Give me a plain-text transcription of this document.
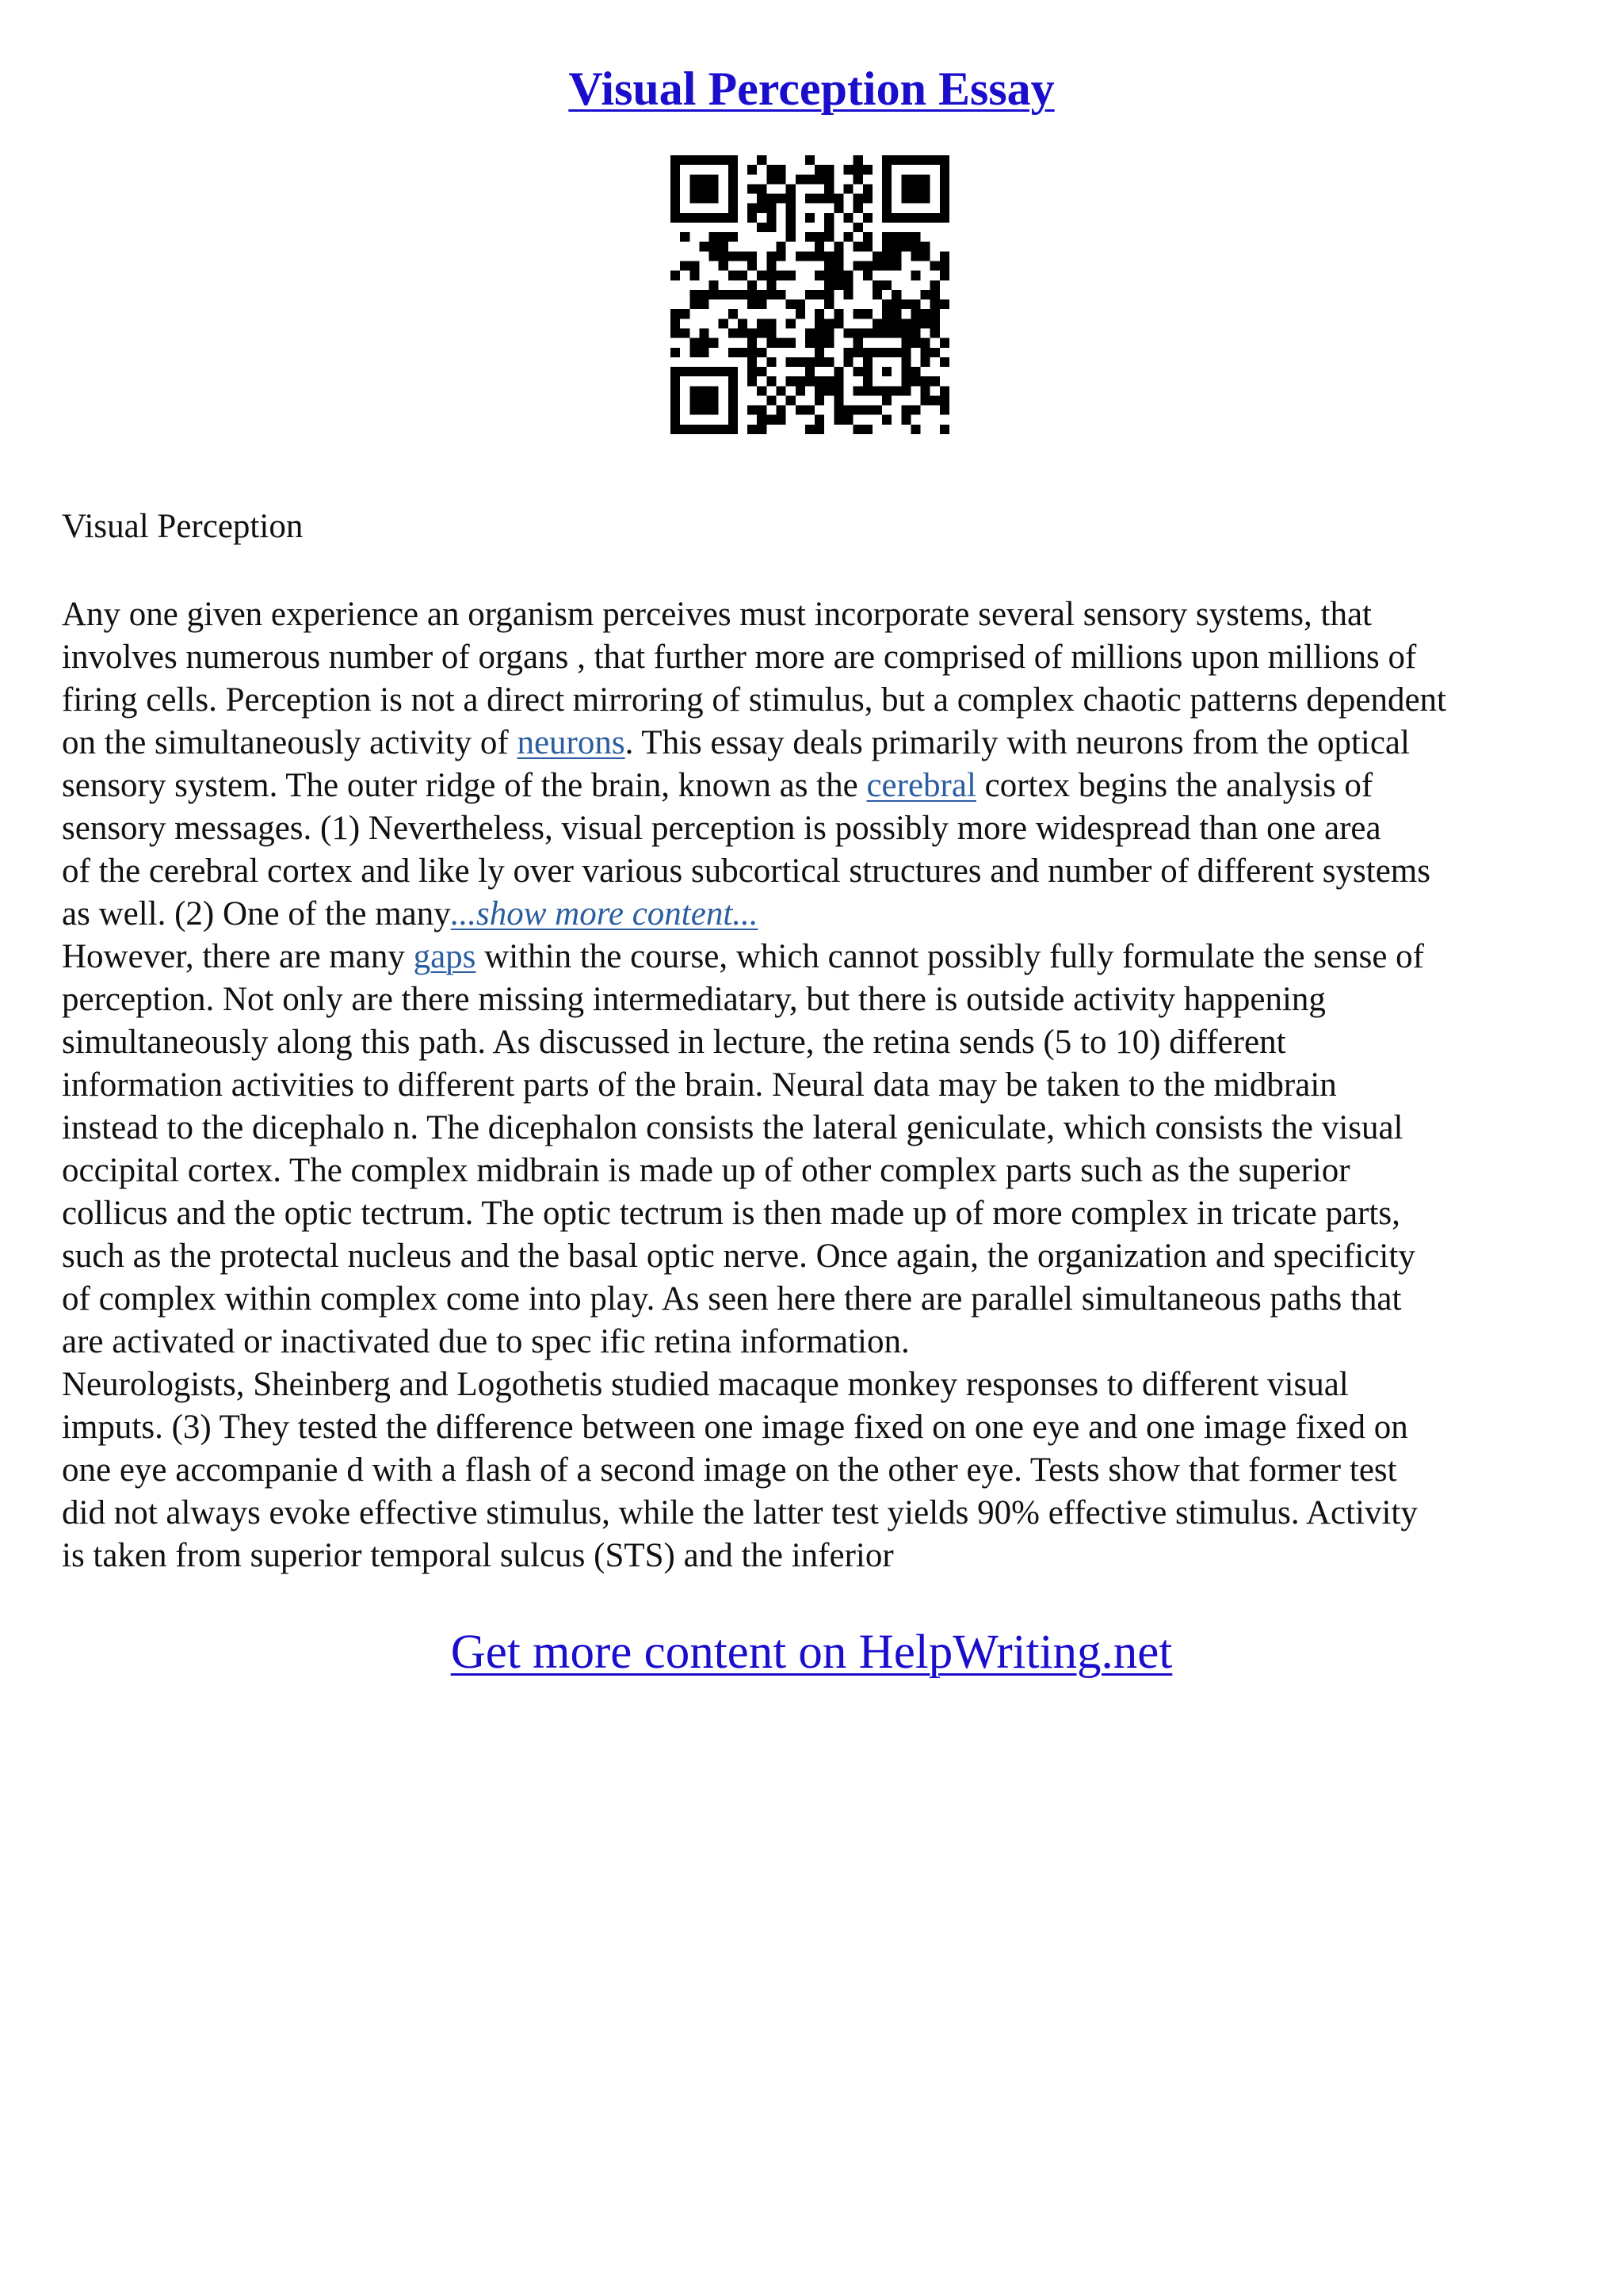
Visual Perception Essay
Visual Perception
Any one given experience an organism perceives must incorporate several sensory systems, that
involves numerous number of organs , that further more are comprised of millions upon millions of
firing cells. Perception is not a direct mirroring of stimulus, but a complex chaotic patterns dependent
on the simultaneously activity of neurons. This essay deals primarily with neurons from the optical
sensory system. The outer ridge of the brain, known as the cerebral cortex begins the analysis of
sensory messages. (1) Nevertheless, visual perception is possibly more widespread than one area
of the cerebral cortex and like ly over various subcortical structures and number of different systems
as well. (2) One of the many...show more content...
However, there are many gaps within the course, which cannot possibly fully formulate the sense of
perception. Not only are there missing intermediatary, but there is outside activity happening
simultaneously along this path. As discussed in lecture, the retina sends (5 to 10) different
information activities to different parts of the brain. Neural data may be taken to the midbrain
instead to the dicephalo n. The dicephalon consists the lateral geniculate, which consists the visual
occipital cortex. The complex midbrain is made up of other complex parts such as the superior
collicus and the optic tectrum. The optic tectrum is then made up of more complex in tricate parts,
such as the protectal nucleus and the basal optic nerve. Once again, the organization and specificity
of complex within complex come into play. As seen here there are parallel simultaneous paths that
are activated or inactivated due to spec ific retina information.
Neurologists, Sheinberg and Logothetis studied macaque monkey responses to different visual
imputs. (3) They tested the difference between one image fixed on one eye and one image fixed on
one eye accompanie d with a flash of a second image on the other eye. Tests show that former test
did not always evoke effective stimulus, while the latter test yields 90% effective stimulus. Activity
is taken from superior temporal sulcus (STS) and the inferior
Get more content on HelpWriting.net
